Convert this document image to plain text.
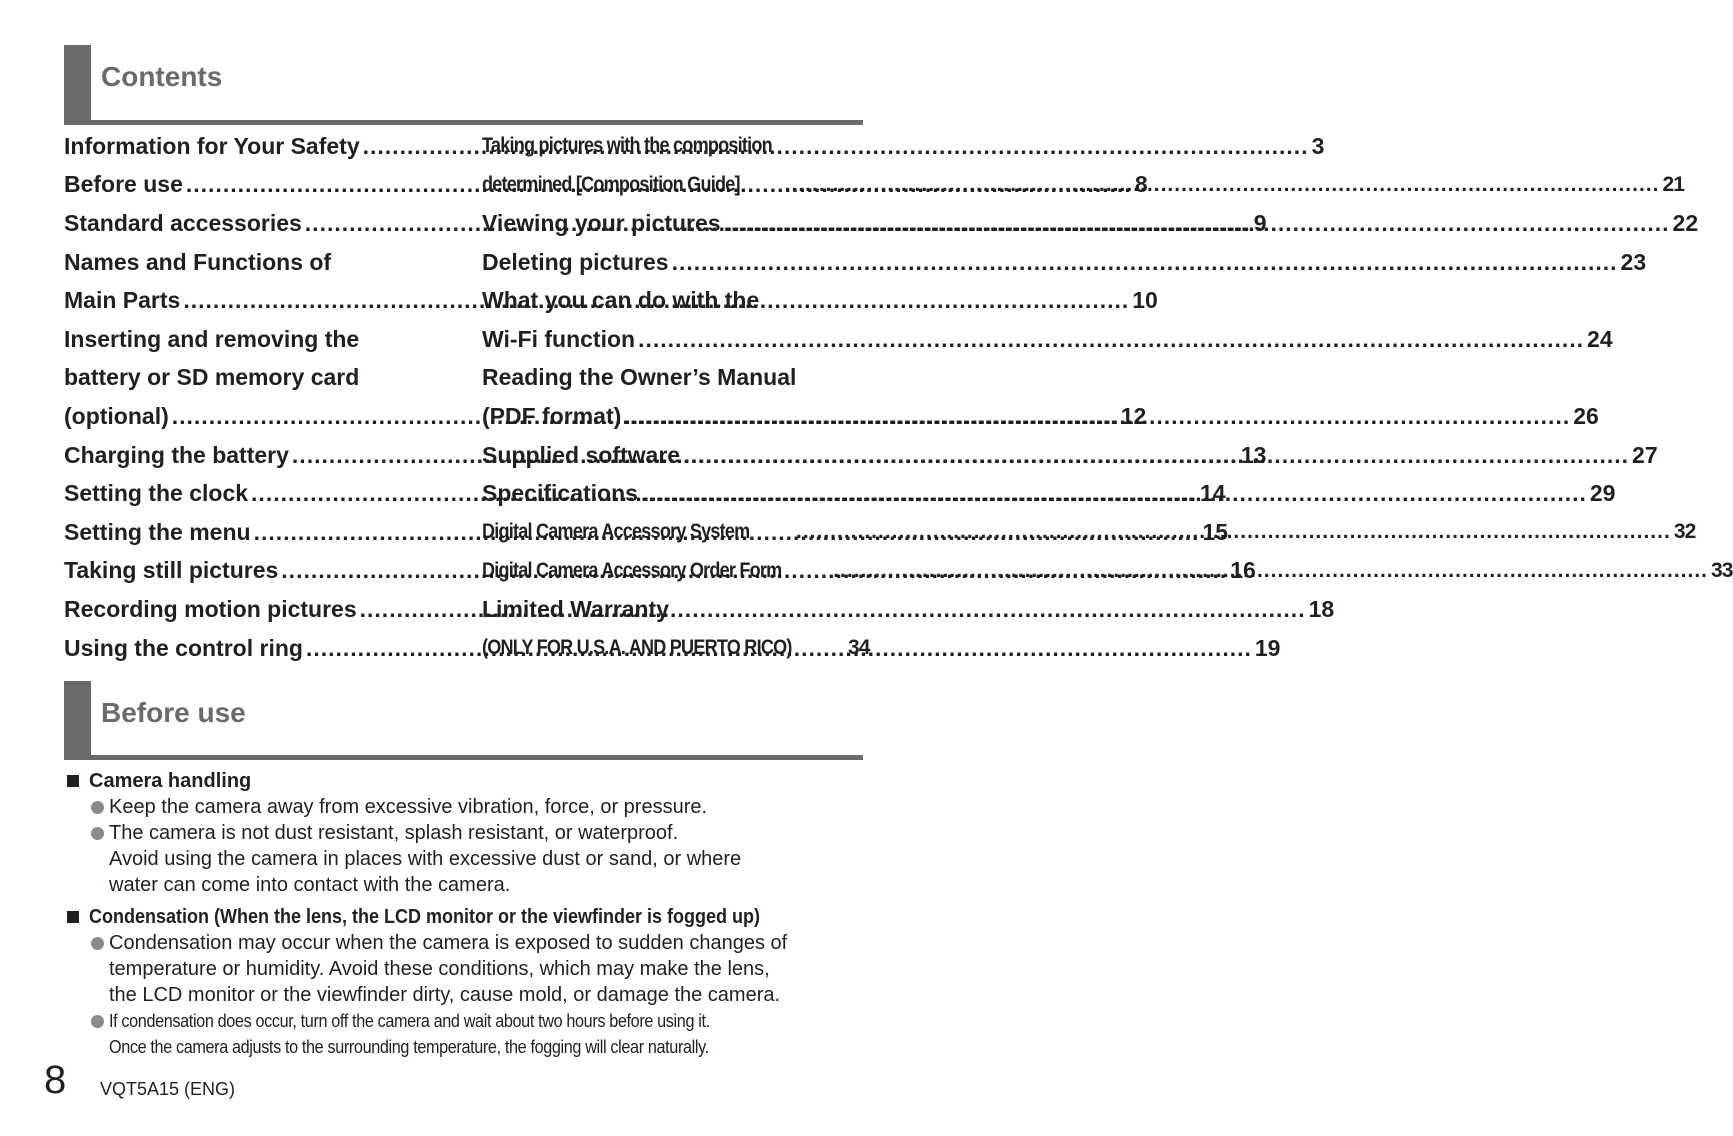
Contents
Information for Your Safety .....	3
Before use .....	8
Standard accessories .....	9
Names and Functions of
Main Parts .....	10
Inserting and removing the
battery or SD memory card
(optional) .....	12
Charging the battery .....	13
Setting the clock .....	14
Setting the menu .....	15
Taking still pictures .....	16
Recording motion pictures .....	18
Using the control ring .....	19
Taking pictures with the composition
determined [Composition Guide] .....	21
Viewing your pictures .....	22
Deleting pictures .....	23
What you can do with the
Wi-Fi function .....	24
Reading the Owner’s Manual
(PDF format) .....	26
Supplied software .....	27
Specifications .....	29
Digital Camera Accessory System .....	32
Digital Camera Accessory Order Form .....	33
Limited Warranty
(ONLY FOR U.S.A. AND PUERTO RICO)	34
Before use
Camera handling
Keep the camera away from excessive vibration, force, or pressure.
The camera is not dust resistant, splash resistant, or waterproof.
Avoid using the camera in places with excessive dust or sand, or where
water can come into contact with the camera.
Condensation (When the lens, the LCD monitor or the viewfinder is fogged up)
Condensation may occur when the camera is exposed to sudden changes of
temperature or humidity. Avoid these conditions, which may make the lens,
the LCD monitor or the viewfinder dirty, cause mold, or damage the camera.
If condensation does occur, turn off the camera and wait about two hours before using it.
Once the camera adjusts to the surrounding temperature, the fogging will clear naturally.
8 VQT5A15 (ENG)
